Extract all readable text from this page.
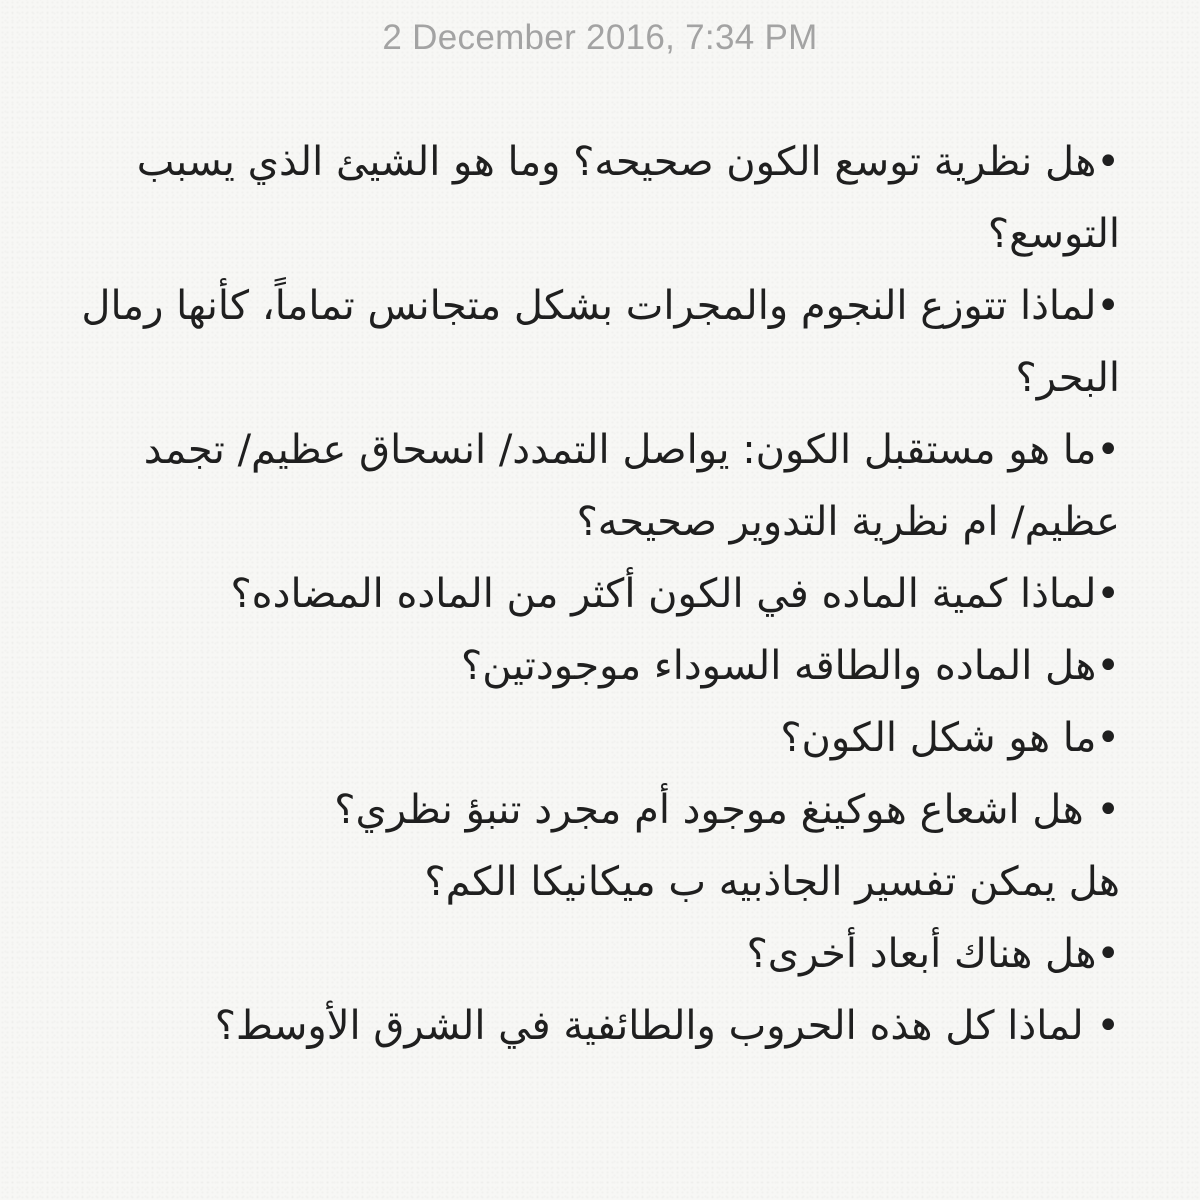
2 December 2016, 7:34 PM
•هل نظرية توسع الكون صحيحه؟ وما هو الشيئ الذي يسبب التوسع؟
•لماذا تتوزع النجوم والمجرات بشكل متجانس تماماً، كأنها رمال البحر؟
•ما هو مستقبل الكون: يواصل التمدد/ انسحاق عظيم/ تجمد عظيم/ ام نظرية التدوير صحيحه؟
•لماذا كمية الماده في الكون أكثر من الماده المضاده؟
•هل الماده والطاقه السوداء موجودتين؟
•ما هو شكل الكون؟
• هل اشعاع هوكينغ موجود أم مجرد تنبؤ نظري؟
هل يمكن تفسير الجاذبيه ب ميكانيكا الكم؟
•هل هناك أبعاد أخرى؟
• لماذا كل هذه الحروب والطائفية في الشرق الأوسط؟
